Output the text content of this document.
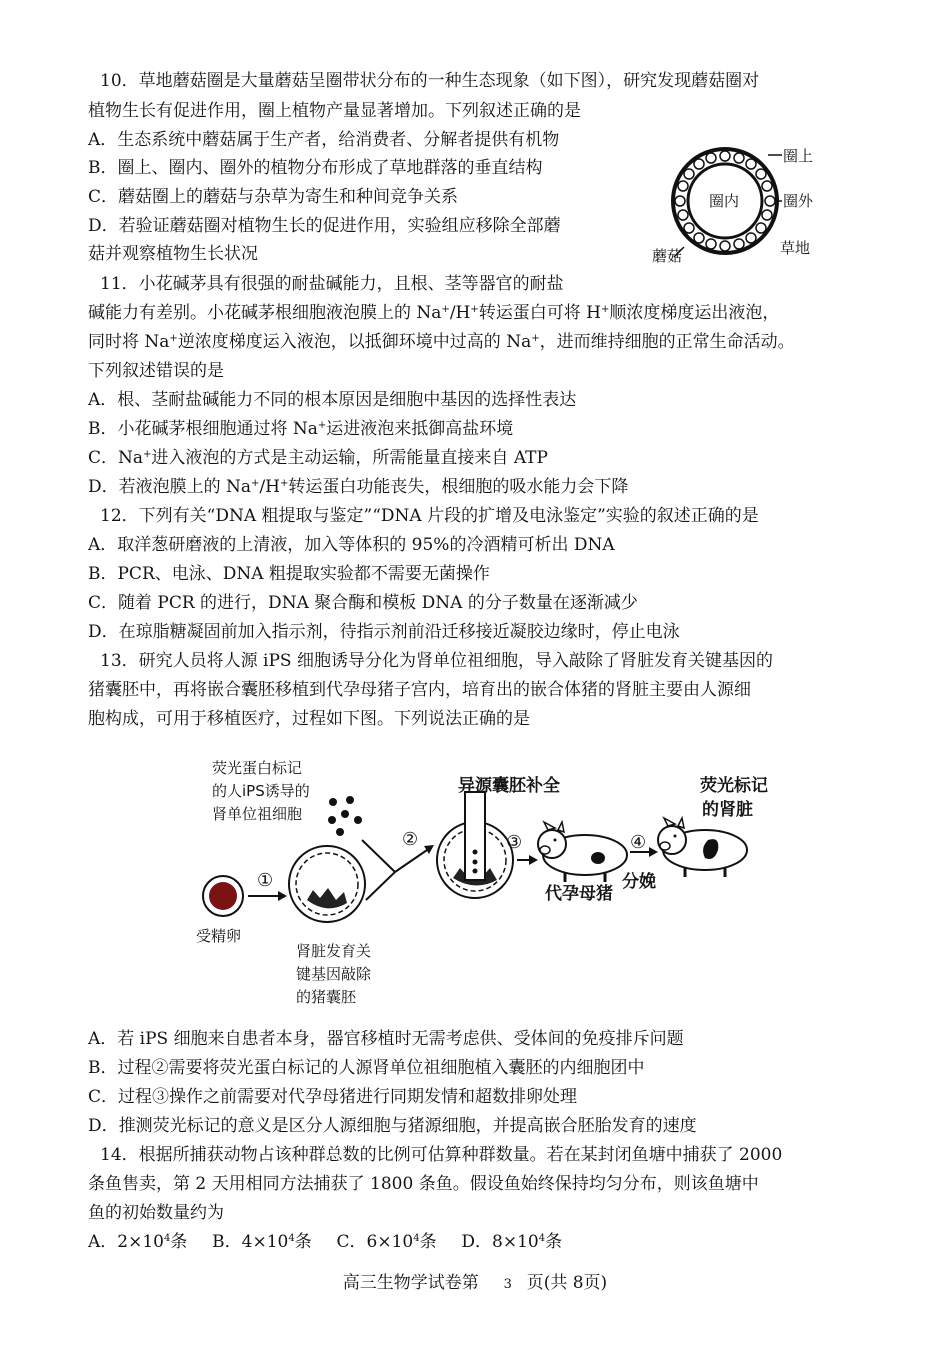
10．草地蘑菇圈是大量蘑菇呈圈带状分布的一种生态现象（如下图），研究发现蘑菇圈对
植物生长有促进作用，圈上植物产量显著增加。下列叙述正确的是
A．生态系统中蘑菇属于生产者，给消费者、分解者提供有机物
B．圈上、圈内、圈外的植物分布形成了草地群落的垂直结构
C．蘑菇圈上的蘑菇与杂草为寄生和种间竞争关系
D．若验证蘑菇圈对植物生长的促进作用，实验组应移除全部蘑
菇并观察植物生长状况
圈上
圈内	圈外
草地
蘑菇
11．小花碱茅具有很强的耐盐碱能力，且根、茎等器官的耐盐
碱能力有差别。小花碱茅根细胞液泡膜上的 Na+/H+转运蛋白可将 H+顺浓度梯度运出液泡，
同时将 Na+逆浓度梯度运入液泡，以抵御环境中过高的 Na+，进而维持细胞的正常生命活动。
下列叙述错误的是
A．根、茎耐盐碱能力不同的根本原因是细胞中基因的选择性表达
B．小花碱茅根细胞通过将 Na+运进液泡来抵御高盐环境
C．Na+进入液泡的方式是主动运输，所需能量直接来自 ATP
D．若液泡膜上的 Na+/H+转运蛋白功能丧失，根细胞的吸水能力会下降
12．下列有关“DNA 粗提取与鉴定”“DNA 片段的扩增及电泳鉴定”实验的叙述正确的是
A．取洋葱研磨液的上清液，加入等体积的 95%的冷酒精可析出 DNA
B．PCR、电泳、DNA 粗提取实验都不需要无菌操作
C．随着 PCR 的进行，DNA 聚合酶和模板 DNA 的分子数量在逐渐减少
D．在琼脂糖凝固前加入指示剂，待指示剂前沿迁移接近凝胶边缘时，停止电泳
13．研究人员将人源 iPS 细胞诱导分化为肾单位祖细胞，导入敲除了肾脏发育关键基因的
猪囊胚中，再将嵌合囊胚移植到代孕母猪子宫内，培育出的嵌合体猪的肾脏主要由人源细
胞构成，可用于移植医疗，过程如下图。下列说法正确的是
荧光蛋白标记
的人iPS诱导的
肾单位祖细胞
异源囊胚补全	荧光标记
的肾脏
受精卵
肾脏发育关
键基因敲除
的猪囊胚
代孕母猪
分娩
①
②	③	④
A．若 iPS 细胞来自患者本身，器官移植时无需考虑供、受体间的免疫排斥问题
B．过程②需要将荧光蛋白标记的人源肾单位祖细胞植入囊胚的内细胞团中
C．过程③操作之前需要对代孕母猪进行同期发情和超数排卵处理
D．推测荧光标记的意义是区分人源细胞与猪源细胞，并提高嵌合胚胎发育的速度
14．根据所捕获动物占该种群总数的比例可估算种群数量。若在某封闭鱼塘中捕获了 2000
条鱼售卖，第 2 天用相同方法捕获了 1800 条鱼。假设鱼始终保持均匀分布，则该鱼塘中
鱼的初始数量约为
A．$2\times 10^4$条 B．$4\times 10^4$条 C．$6\times 10^4$条 D．$8\times 10^4$条
高三生物学试卷第 3 页(共 8页)
